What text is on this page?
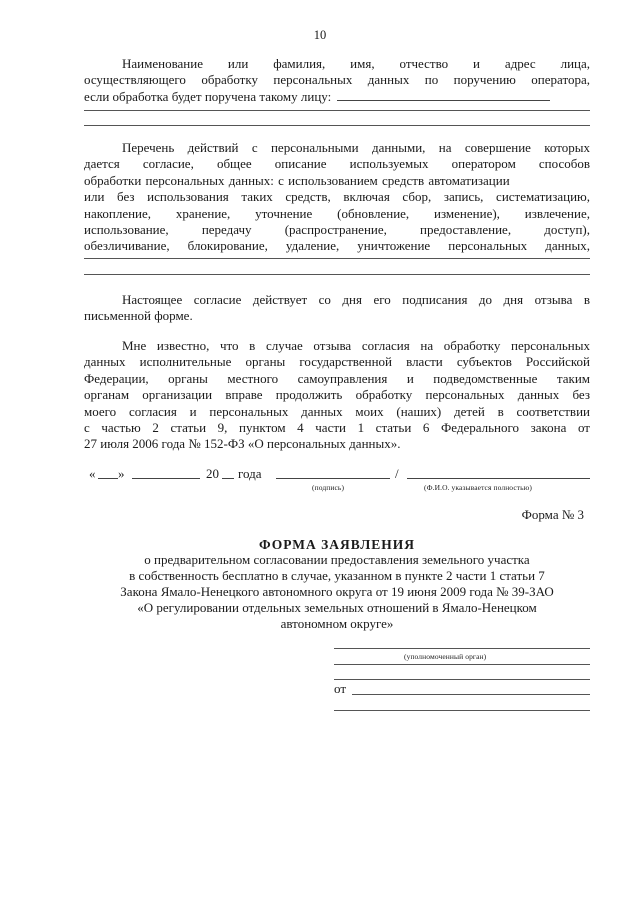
10
Наименование или фамилия, имя, отчество и адрес лица,
осуществляющего обработку персональных данных по поручению оператора,
если обработка будет поручена такому лицу:
Перечень действий с персональными данными, на совершение которых
дается согласие, общее описание используемых оператором способов
обработки персональных данных: с использованием средств автоматизации
или без использования таких средств, включая сбор, запись, систематизацию,
накопление, хранение, уточнение (обновление, изменение), извлечение,
использование, передачу (распространение, предоставление, доступ),
обезличивание, блокирование, удаление, уничтожение персональных данных,
Настоящее согласие действует со дня его подписания до дня отзыва в
письменной форме.
Мне известно, что в случае отзыва согласия на обработку персональных
данных исполнительные органы государственной власти субъектов Российской
Федерации, органы местного самоуправления и подведомственные таким
органам организации вправе продолжить обработку персональных данных без
моего согласия и персональных данных моих (наших) детей в соответствии
с частью 2 статьи 9, пунктом 4 части 1 статьи 6 Федерального закона от
27 июля 2006 года № 152-ФЗ «О персональных данных».
« »	20 года	/
(подпись)	(Ф.И.О. указывается полностью)
Форма № 3
ФОРМА ЗАЯВЛЕНИЯ
о предварительном согласовании предоставления земельного участка
в собственность бесплатно в случае, указанном в пункте 2 части 1 статьи 7
Закона Ямало-Ненецкого автономного округа от 19 июня 2009 года № 39-ЗАО
«О регулировании отдельных земельных отношений в Ямало-Ненецком
автономном округе»
(уполномоченный орган)
от
